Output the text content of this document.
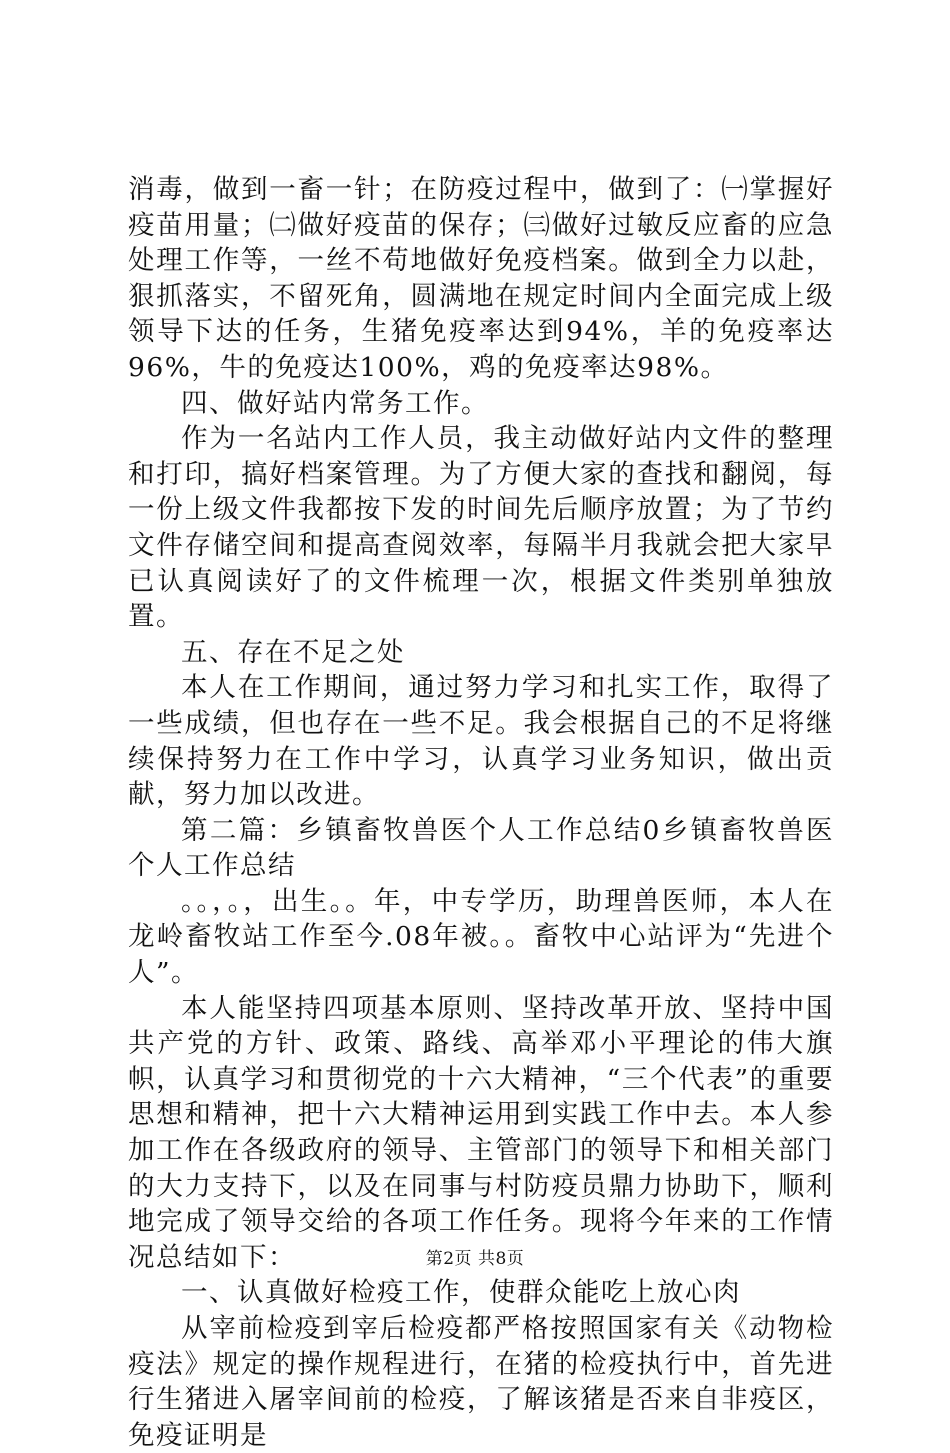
消毒，做到一畜一针；在防疫过程中，做到了：㈠掌握好疫苗用量；㈡做好疫苗的保存；㈢做好过敏反应畜的应急处理工作等，一丝不苟地做好免疫档案。做到全力以赴，狠抓落实，不留死角，圆满地在规定时间内全面完成上级领导下达的任务，生猪免疫率达到94%，羊的免疫率达96%，牛的免疫达100%，鸡的免疫率达98%。

四、做好站内常务工作。

作为一名站内工作人员，我主动做好站内文件的整理和打印，搞好档案管理。为了方便大家的查找和翻阅，每一份上级文件我都按下发的时间先后顺序放置；为了节约文件存储空间和提高查阅效率，每隔半月我就会把大家早已认真阅读好了的文件梳理一次，根据文件类别单独放置。

五、存在不足之处

本人在工作期间，通过努力学习和扎实工作，取得了一些成绩，但也存在一些不足。我会根据自己的不足将继续保持努力在工作中学习，认真学习业务知识，做出贡献，努力加以改进。

第二篇：乡镇畜牧兽医个人工作总结0乡镇畜牧兽医个人工作总结

。。，。，出生。。年，中专学历，助理兽医师，本人在龙岭畜牧站工作至今.08年被。。畜牧中心站评为“先进个人”。

本人能坚持四项基本原则、坚持改革开放、坚持中国共产党的方针、政策、路线、高举邓小平理论的伟大旗帜，认真学习和贯彻党的十六大精神，“三个代表”的重要思想和精神，把十六大精神运用到实践工作中去。本人参加工作在各级政府的领导、主管部门的领导下和相关部门的大力支持下，以及在同事与村防疫员鼎力协助下，顺利地完成了领导交给的各项工作任务。现将今年来的工作情况总结如下：

一、认真做好检疫工作，使群众能吃上放心肉

从宰前检疫到宰后检疫都严格按照国家有关《动物检疫法》规定的操作规程进行，在猪的检疫执行中，首先进行生猪进入屠宰间前的检疫，了解该猪是否来自非疫区，免疫证明是

第2页 共8页
